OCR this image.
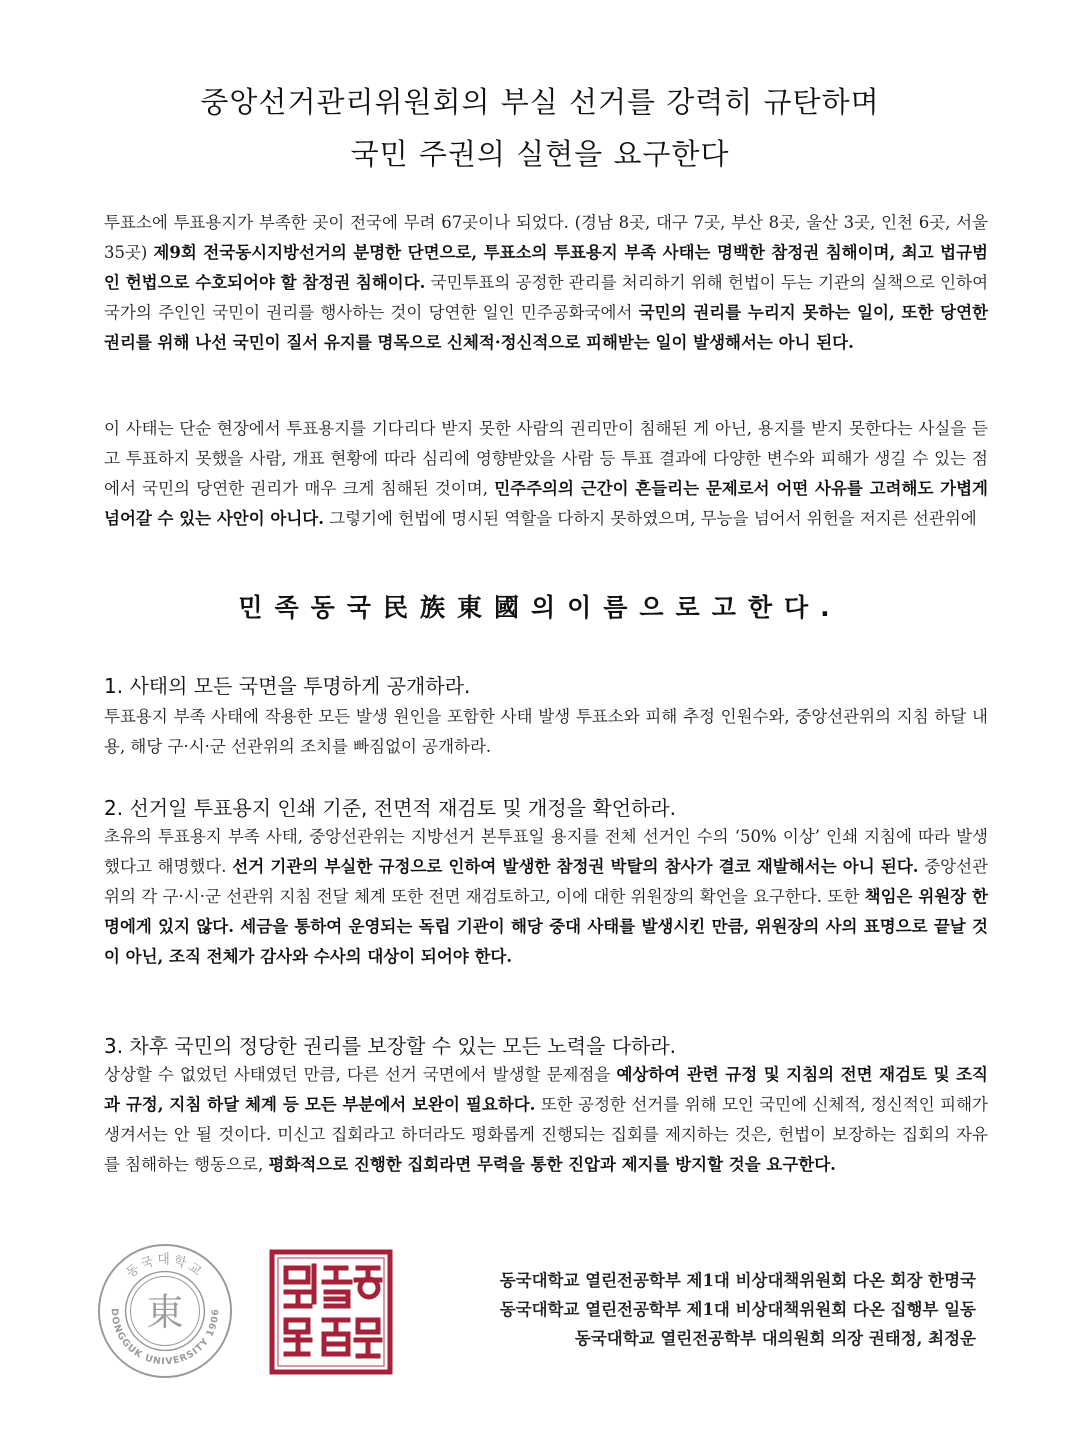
중앙선거관리위원회의 부실 선거를 강력히 규탄하며
국민 주권의 실현을 요구한다
투표소에 투표용지가 부족한 곳이 전국에 무려 67곳이나 되었다. (경남 8곳, 대구 7곳, 부산 8곳, 울산 3곳, 인천 6곳, 서울 35곳) 제9회 전국동시지방선거의 분명한 단면으로, 투표소의 투표용지 부족 사태는 명백한 참정권 침해이며, 최고 법규범인 헌법으로 수호되어야 할 참정권 침해이다. 국민투표의 공정한 관리를 처리하기 위해 헌법이 두는 기관의 실책으로 인하여 국가의 주인인 국민이 권리를 행사하는 것이 당연한 일인 민주공화국에서 국민의 권리를 누리지 못하는 일이, 또한 당연한 권리를 위해 나선 국민이 질서 유지를 명목으로 신체적·정신적으로 피해받는 일이 발생해서는 아니 된다.
이 사태는 단순 현장에서 투표용지를 기다리다 받지 못한 사람의 권리만이 침해된 게 아닌, 용지를 받지 못한다는 사실을 듣고 투표하지 못했을 사람, 개표 현황에 따라 심리에 영향받았을 사람 등 투표 결과에 다양한 변수와 피해가 생길 수 있는 점에서 국민의 당연한 권리가 매우 크게 침해된 것이며, 민주주의의 근간이 흔들리는 문제로서 어떤 사유를 고려해도 가볍게 넘어갈 수 있는 사안이 아니다. 그렇기에 헌법에 명시된 역할을 다하지 못하였으며, 무능을 넘어서 위헌을 저지른 선관위에
민족동국民族東國의이름으로고한다.
1. 사태의 모든 국면을 투명하게 공개하라.
투표용지 부족 사태에 작용한 모든 발생 원인을 포함한 사태 발생 투표소와 피해 추정 인원수와, 중앙선관위의 지침 하달 내용, 해당 구·시·군 선관위의 조치를 빠짐없이 공개하라.
2. 선거일 투표용지 인쇄 기준, 전면적 재검토 및 개정을 확언하라.
초유의 투표용지 부족 사태, 중앙선관위는 지방선거 본투표일 용지를 전체 선거인 수의 ‘50% 이상’ 인쇄 지침에 따라 발생했다고 해명했다. 선거 기관의 부실한 규정으로 인하여 발생한 참정권 박탈의 참사가 결코 재발해서는 아니 된다. 중앙선관위의 각 구·시·군 선관위 지침 전달 체계 또한 전면 재검토하고, 이에 대한 위원장의 확언을 요구한다. 또한 책임은 위원장 한 명에게 있지 않다. 세금을 통하여 운영되는 독립 기관이 해당 중대 사태를 발생시킨 만큼, 위원장의 사의 표명으로 끝날 것이 아닌, 조직 전체가 감사와 수사의 대상이 되어야 한다.
3. 차후 국민의 정당한 권리를 보장할 수 있는 모든 노력을 다하라.
상상할 수 없었던 사태였던 만큼, 다른 선거 국면에서 발생할 문제점을 예상하여 관련 규정 및 지침의 전면 재검토 및 조직과 규정, 지침 하달 체계 등 모든 부분에서 보완이 필요하다. 또한 공정한 선거를 위해 모인 국민에 신체적, 정신적인 피해가 생겨서는 안 될 것이다. 미신고 집회라고 하더라도 평화롭게 진행되는 집회를 제지하는 것은, 헌법이 보장하는 집회의 자유를 침해하는 행동으로, 평화적으로 진행한 집회라면 무력을 통한 진압과 제지를 방지할 것을 요구한다.
동국대학교
DONGGUK UNIVERSITY 1906
東
동국대학교 열린전공학부 제1대 비상대책위원회 다온 회장 한명국
동국대학교 열린전공학부 제1대 비상대책위원회 다온 집행부 일동
동국대학교 열린전공학부 대의원회 의장 권태정, 최정운
